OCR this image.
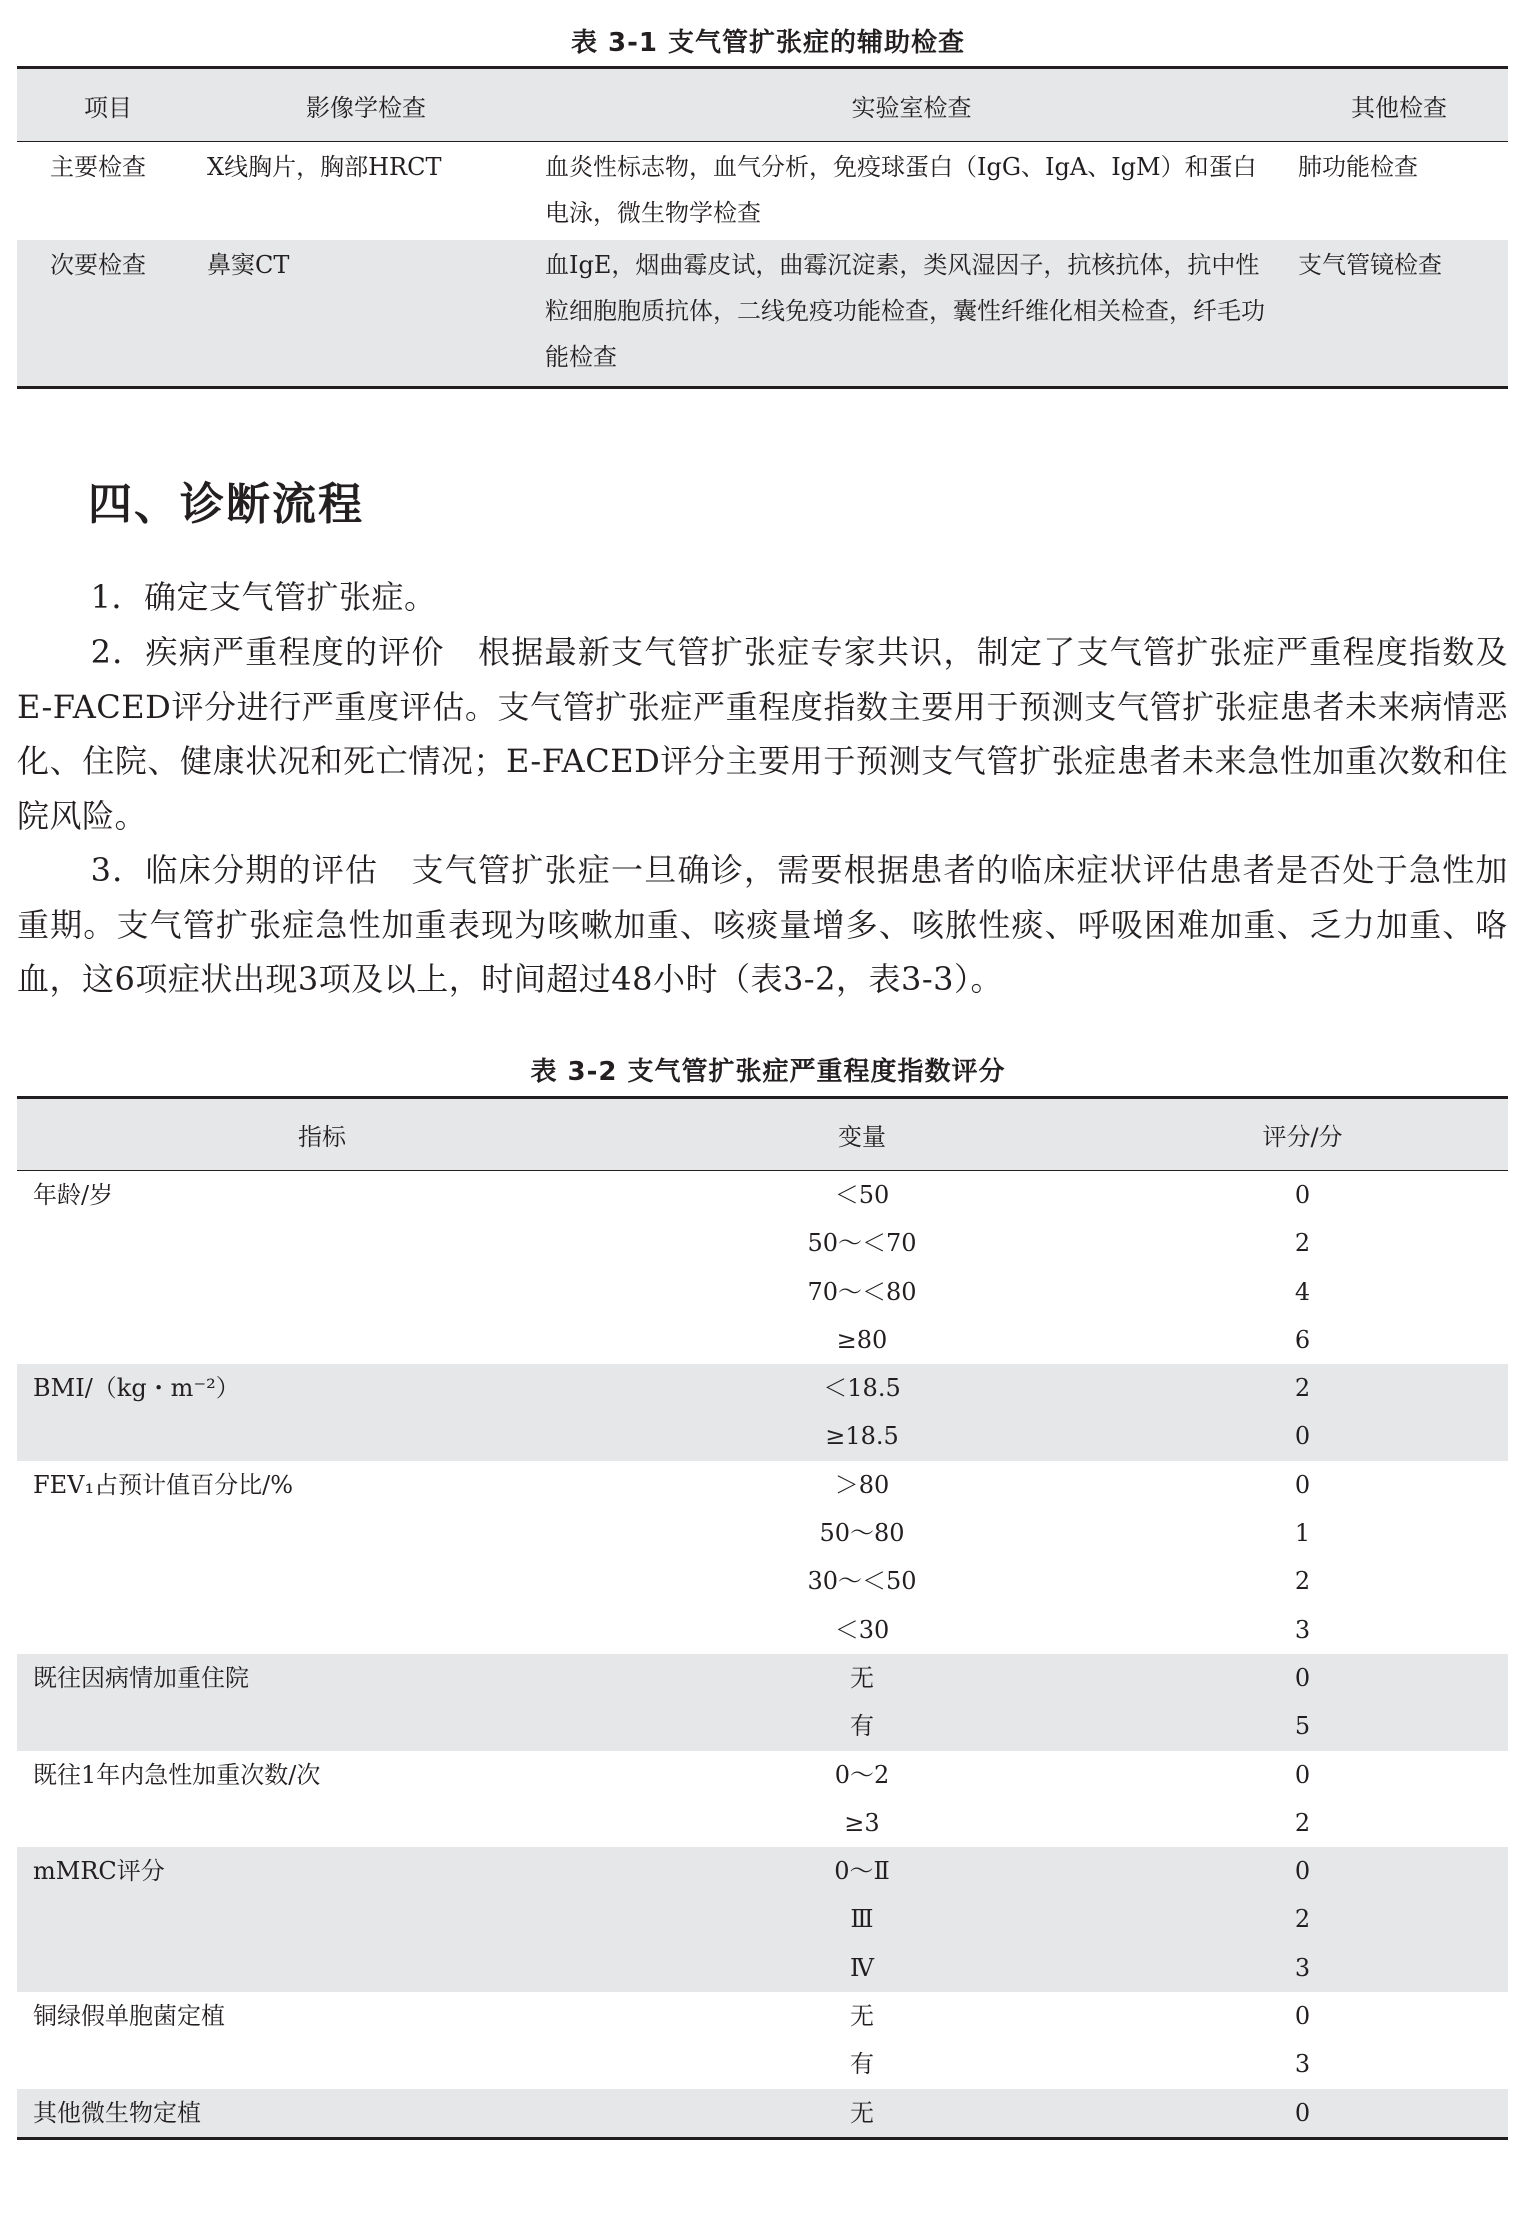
表 3-1 支气管扩张症的辅助检查
项目	影像学检查	实验室检查	其他检查
主要检查	X线胸片，胸部HRCT	血炎性标志物，血气分析，免疫球蛋白（IgG、IgA、IgM）和蛋白电泳，微生物学检查	肺功能检查
次要检查	鼻窦CT	血IgE，烟曲霉皮试，曲霉沉淀素，类风湿因子，抗核抗体，抗中性粒细胞胞质抗体，二线免疫功能检查，囊性纤维化相关检查，纤毛功能检查	支气管镜检查
四、诊断流程

1．确定支气管扩张症。

2．疾病严重程度的评价　根据最新支气管扩张症专家共识，制定了支气管扩张症严重程度指数及E-FACED评分进行严重度评估。支气管扩张症严重程度指数主要用于预测支气管扩张症患者未来病情恶化、住院、健康状况和死亡情况；E-FACED评分主要用于预测支气管扩张症患者未来急性加重次数和住院风险。

3．临床分期的评估　支气管扩张症一旦确诊，需要根据患者的临床症状评估患者是否处于急性加重期。支气管扩张症急性加重表现为咳嗽加重、咳痰量增多、咳脓性痰、呼吸困难加重、乏力加重、咯血，这6项症状出现3项及以上，时间超过48小时（表3-2，表3-3）。

表 3-2 支气管扩张症严重程度指数评分
指标	变量	评分/分
年龄/岁	＜50	0
	50～＜70	2
	70～＜80	4
	≥80	6
BMI/（kg・m⁻²）	＜18.5	2
	≥18.5	0
FEV₁占预计值百分比/%	＞80	0
	50～80	1
	30～＜50	2
	＜30	3
既往因病情加重住院	无	0
	有	5
既往1年内急性加重次数/次	0～2	0
	≥3	2
mMRC评分	0～Ⅱ	0
	Ⅲ	2
	Ⅳ	3
铜绿假单胞菌定植	无	0
	有	3
其他微生物定植	无	0
